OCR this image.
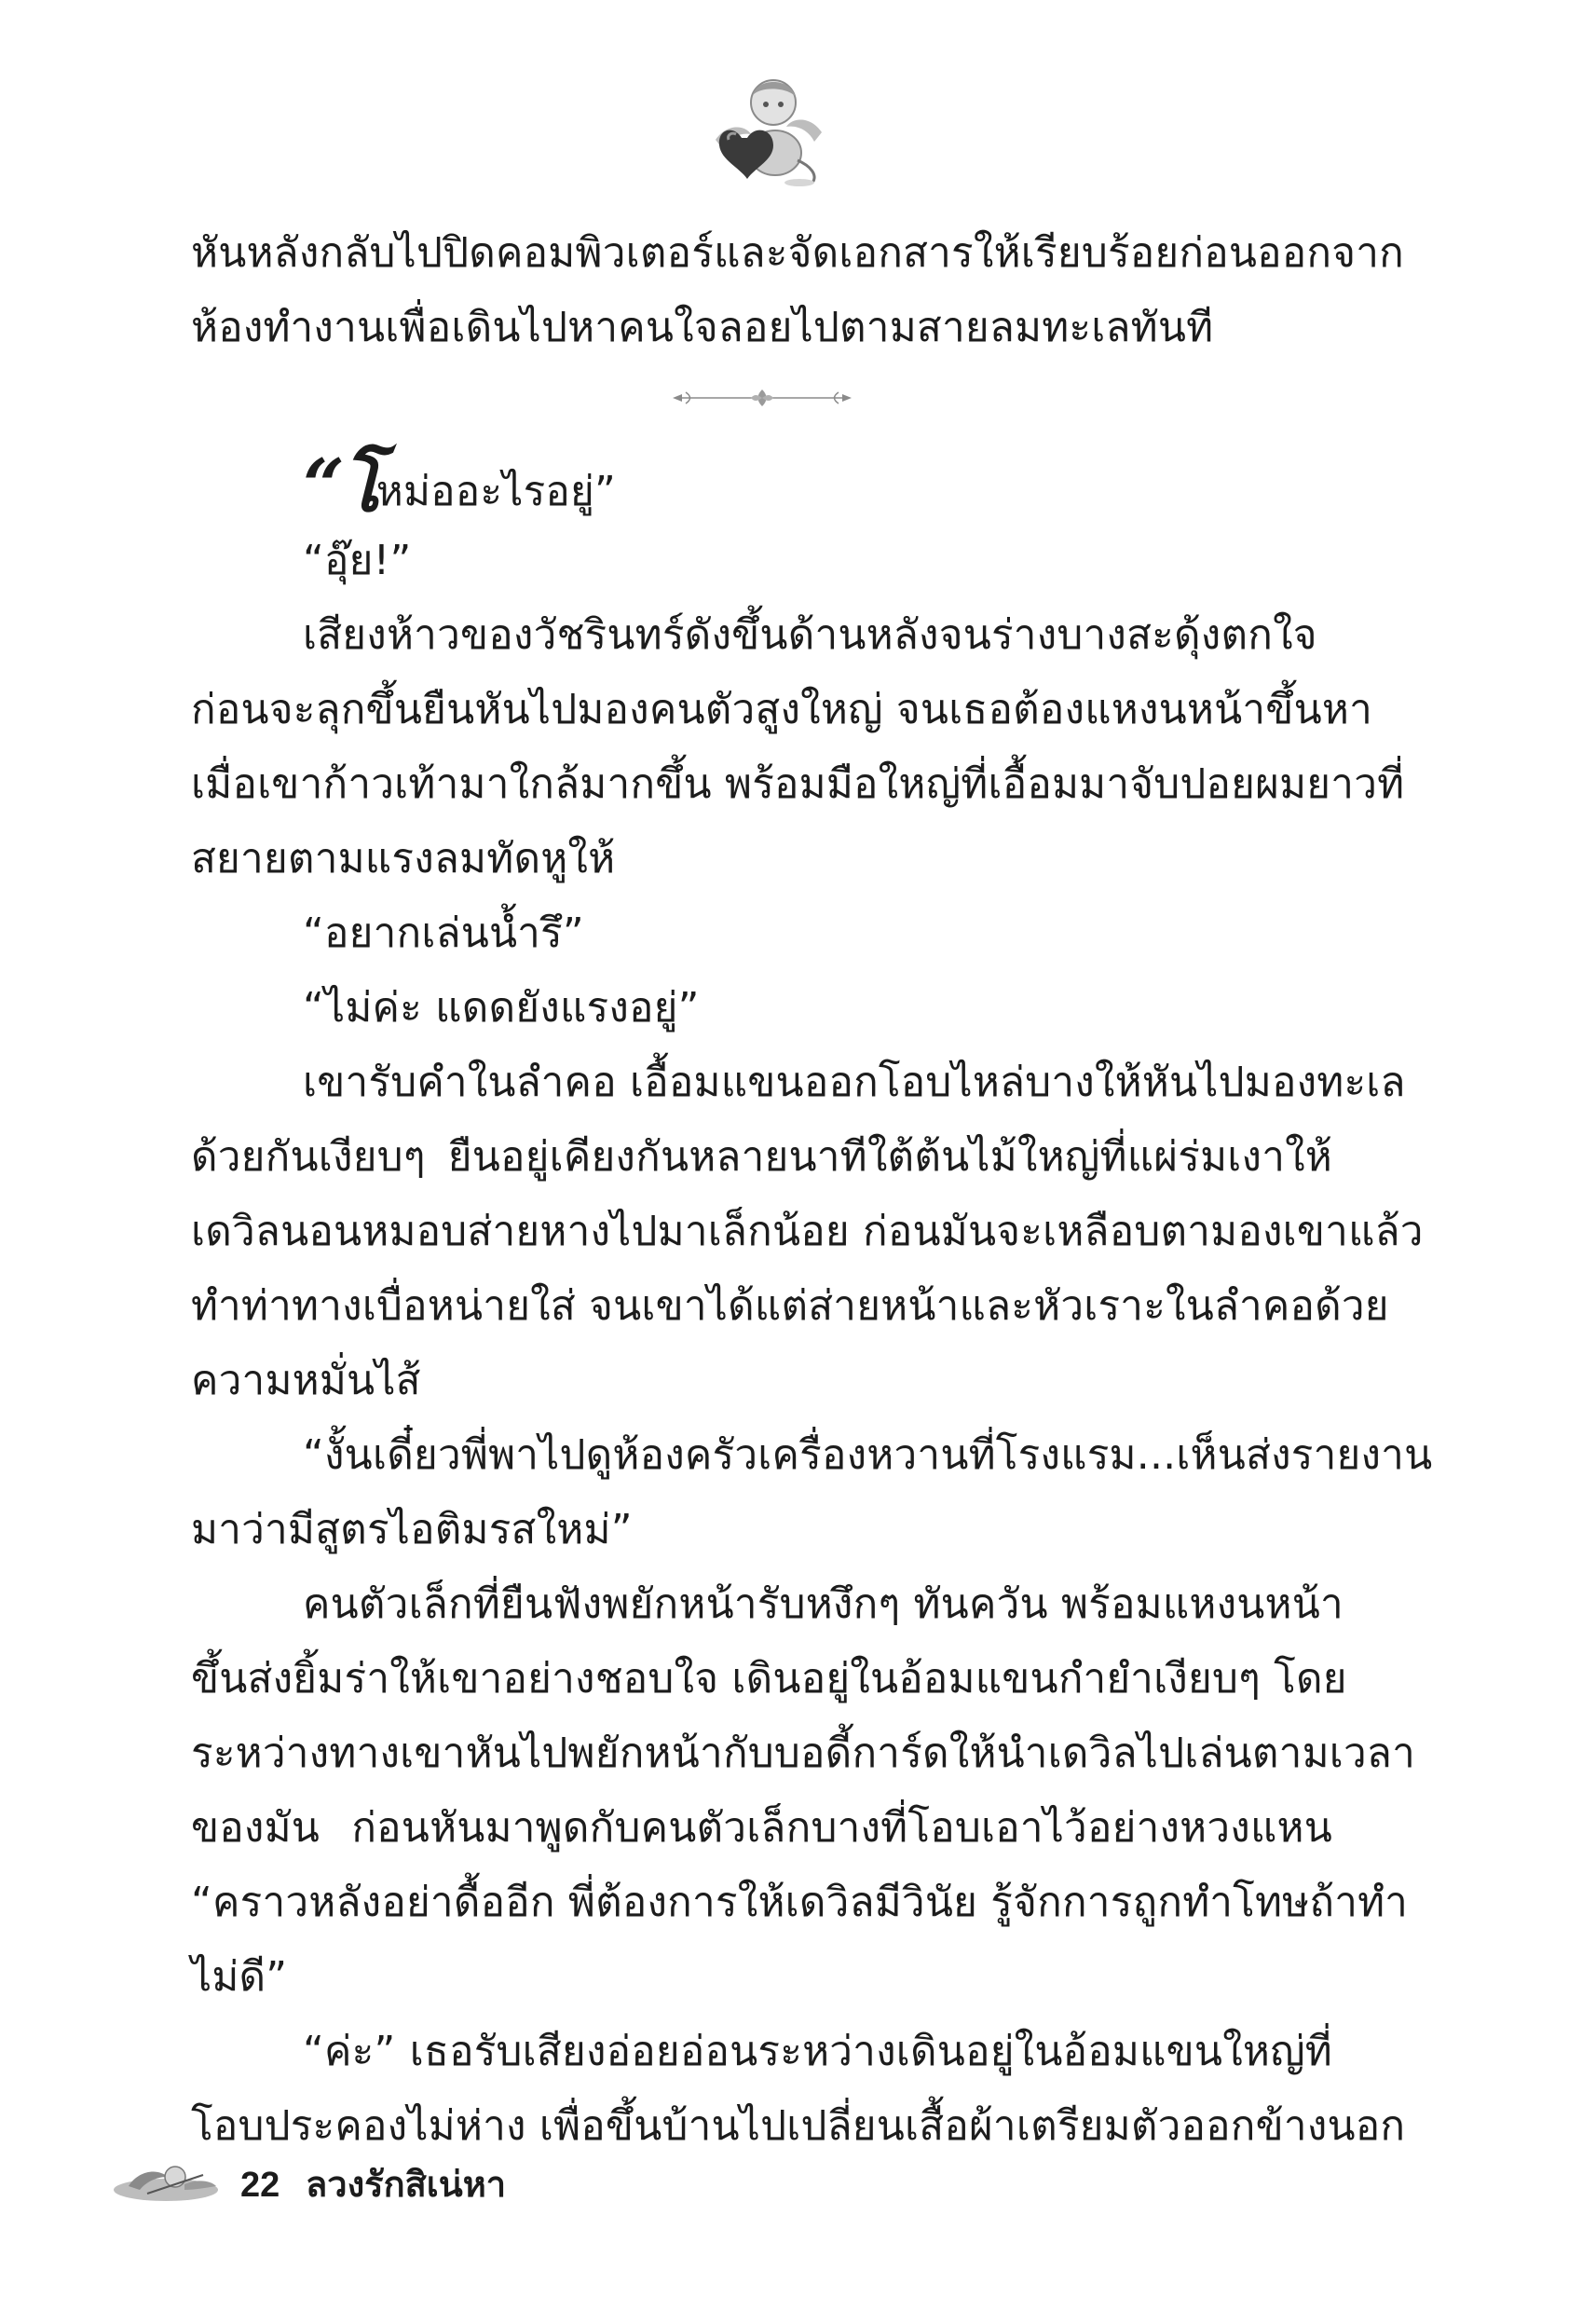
หันหลังกลับไปปิดคอมพิวเตอร์และจัดเอกสารให้เรียบร้อยก่อนออกจาก
ห้องทำงานเพื่อเดินไปหาคนใจลอยไปตามสายลมทะเลทันที
“โหม่ออะไรอยู่”
“อุ๊ย!”
เสียงห้าวของวัชรินทร์ดังขึ้นด้านหลังจนร่างบางสะดุ้งตกใจ
ก่อนจะลุกขึ้นยืนหันไปมองคนตัวสูงใหญ่ จนเธอต้องแหงนหน้าขึ้นหา
เมื่อเขาก้าวเท้ามาใกล้มากขึ้น พร้อมมือใหญ่ที่เอื้อมมาจับปอยผมยาวที่
สยายตามแรงลมทัดหูให้
“อยากเล่นน้ำรึ”
“ไม่ค่ะ แดดยังแรงอยู่”
เขารับคำในลำคอ เอื้อมแขนออกโอบไหล่บางให้หันไปมองทะเล
ด้วยกันเงียบๆ ยืนอยู่เคียงกันหลายนาทีใต้ต้นไม้ใหญ่ที่แผ่ร่มเงาให้
เดวิลนอนหมอบส่ายหางไปมาเล็กน้อย ก่อนมันจะเหลือบตามองเขาแล้ว
ทำท่าทางเบื่อหน่ายใส่ จนเขาได้แต่ส่ายหน้าและหัวเราะในลำคอด้วย
ความหมั่นไส้
“งั้นเดี๋ยวพี่พาไปดูห้องครัวเครื่องหวานที่โรงแรม...เห็นส่งรายงาน
มาว่ามีสูตรไอติมรสใหม่”
คนตัวเล็กที่ยืนฟังพยักหน้ารับหงึกๆ ทันควัน พร้อมแหงนหน้า
ขึ้นส่งยิ้มร่าให้เขาอย่างชอบใจ เดินอยู่ในอ้อมแขนกำยำเงียบๆ โดย
ระหว่างทางเขาหันไปพยักหน้ากับบอดี้การ์ดให้นำเดวิลไปเล่นตามเวลา
ของมัน ก่อนหันมาพูดกับคนตัวเล็กบางที่โอบเอาไว้อย่างหวงแหน
“คราวหลังอย่าดื้ออีก พี่ต้องการให้เดวิลมีวินัย รู้จักการถูกทำโทษถ้าทำ
ไม่ดี”
“ค่ะ” เธอรับเสียงอ่อยอ่อนระหว่างเดินอยู่ในอ้อมแขนใหญ่ที่
โอบประคองไม่ห่าง เพื่อขึ้นบ้านไปเปลี่ยนเสื้อผ้าเตรียมตัวออกข้างนอก
22 ลวงรักสิเน่หา
